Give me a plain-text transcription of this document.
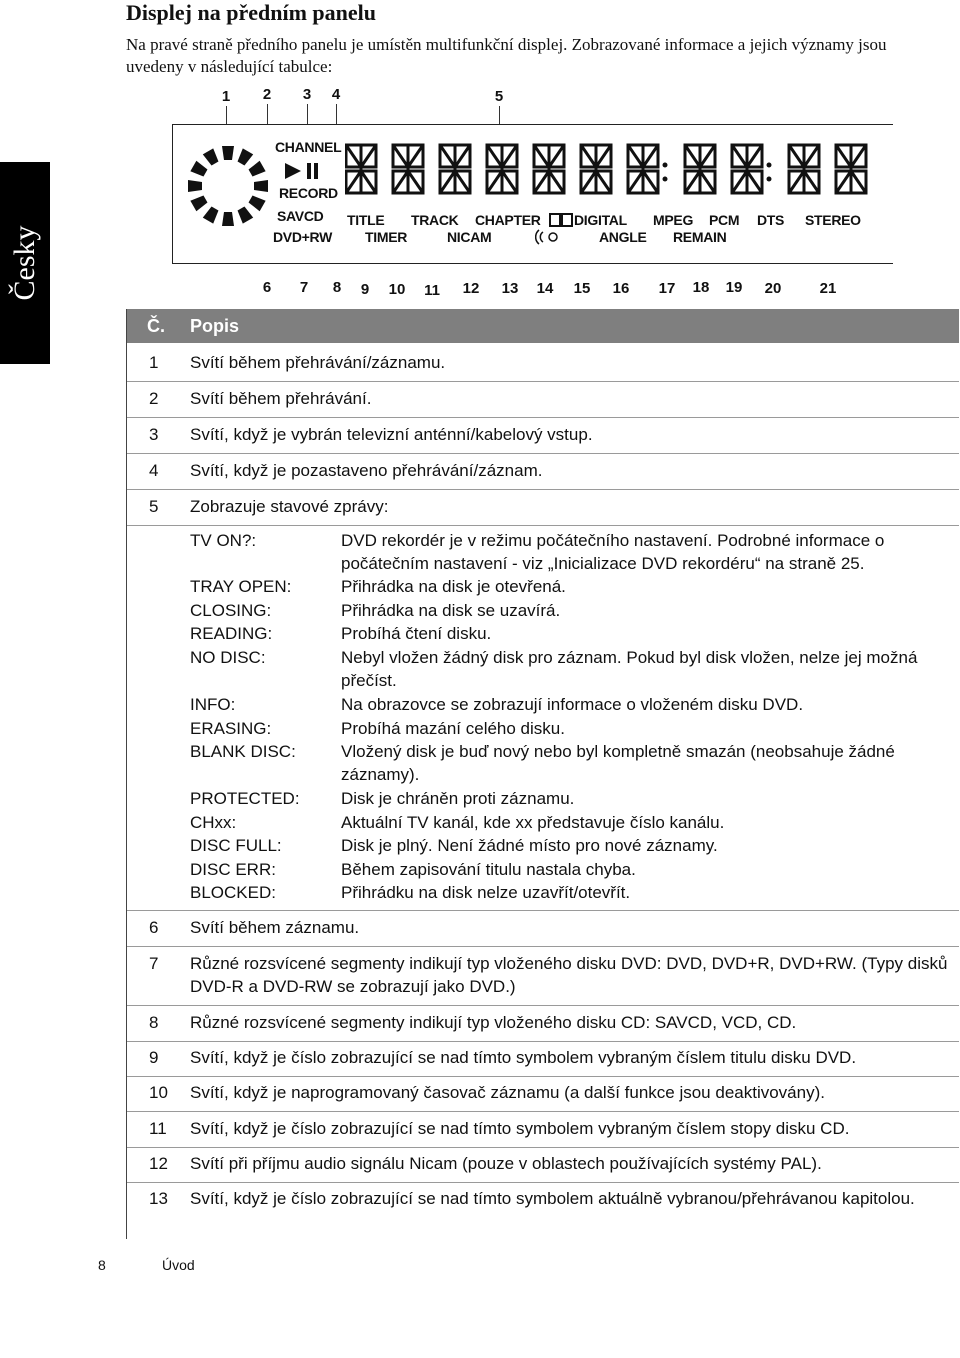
Displej na předním panelu
Na pravé straně předního panelu je umístěn multifunkční displej. Zobrazované informace a jejich významy jsou uvedeny v následující tabulce:
Česky
1 2 3 4	5
CHANNEL
RECORD
SAVCD
DVD+RW
TITLE
TIMER
TRACK
NICAM
CHAPTER DIGITAL
ANGLE
MPEG PCM
REMAIN
DTS STEREO
6 7 8 9 10 11 12 13 14 15 16 17 18 19 20	21
Č. Popis
1 Svítí během přehrávání/záznamu.
2 Svítí během přehrávání.
3 Svítí, když je vybrán televizní anténní/kabelový vstup.
4 Svítí, když je pozastaveno přehrávání/záznam.
5 Zobrazuje stavové zprávy:
TV ON?:	DVD rekordér je v režimu počátečního nastavení. Podrobné informace o počátečním nastavení - viz „Inicializace DVD rekordéru“ na straně 25.
TRAY OPEN:	Přihrádka na disk je otevřená.
CLOSING:	Přihrádka na disk se uzavírá.
READING:	Probíhá čtení disku.
NO DISC:	Nebyl vložen žádný disk pro záznam. Pokud byl disk vložen, nelze jej možná přečíst.
INFO:	Na obrazovce se zobrazují informace o vloženém disku DVD.
ERASING:	Probíhá mazání celého disku.
BLANK DISC:	Vložený disk je buď nový nebo byl kompletně smazán (neobsahuje žádné záznamy).
PROTECTED: Disk je chráněn proti záznamu.
CHxx:	Aktuální TV kanál, kde xx představuje číslo kanálu.
DISC FULL:	Disk je plný. Není žádné místo pro nové záznamy.
DISC ERR:	Během zapisování titulu nastala chyba.
BLOCKED:	Přihrádku na disk nelze uzavřít/otevřít.
6 Svítí během záznamu.
7 Různé rozsvícené segmenty indikují typ vloženého disku DVD: DVD, DVD+R, DVD+RW. (Typy disků DVD-R a DVD-RW se zobrazují jako DVD.)
8 Různé rozsvícené segmenty indikují typ vloženého disku CD: SAVCD, VCD, CD.
9 Svítí, když je číslo zobrazující se nad tímto symbolem vybraným číslem titulu disku DVD.
10 Svítí, když je naprogramovaný časovač záznamu (a další funkce jsou deaktivovány).
11 Svítí, když je číslo zobrazující se nad tímto symbolem vybraným číslem stopy disku CD.
12 Svítí při příjmu audio signálu Nicam (pouze v oblastech používajících systémy PAL).
13 Svítí, když je číslo zobrazující se nad tímto symbolem aktuálně vybranou/přehrávanou kapitolou.
8	Úvod
